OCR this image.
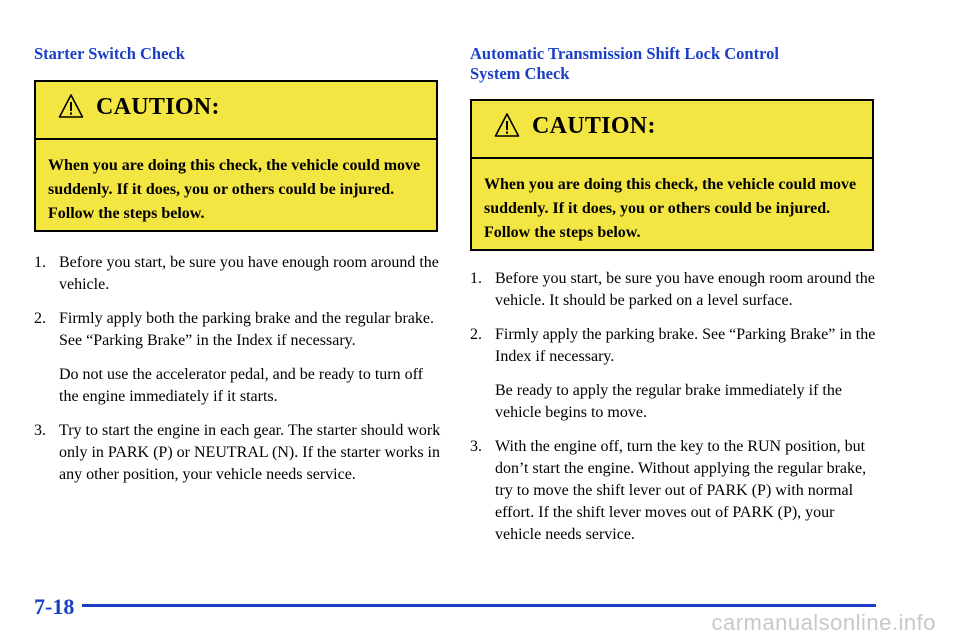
Starter Switch Check
CAUTION:
When you are doing this check, the vehicle could move suddenly. If it does, you or others could be injured. Follow the steps below.
1. Before you start, be sure you have enough room around the vehicle.

2. Firmly apply both the parking brake and the regular brake. See “Parking Brake” in the Index if necessary.

Do not use the accelerator pedal, and be ready to turn off the engine immediately if it starts.

3. Try to start the engine in each gear. The starter should work only in PARK (P) or NEUTRAL (N). If the starter works in any other position, your vehicle needs service.

Automatic Transmission Shift Lock Control
System Check
CAUTION:
When you are doing this check, the vehicle could move suddenly. If it does, you or others could be injured. Follow the steps below.
1. Before you start, be sure you have enough room around the vehicle. It should be parked on a level surface.

2. Firmly apply the parking brake. See “Parking Brake” in the Index if necessary.

Be ready to apply the regular brake immediately if the vehicle begins to move.

3. With the engine off, turn the key to the RUN position, but don’t start the engine. Without applying the regular brake, try to move the shift lever out of PARK (P) with normal effort. If the shift lever moves out of PARK (P), your vehicle needs service.

7-18
carmanualsonline.info
